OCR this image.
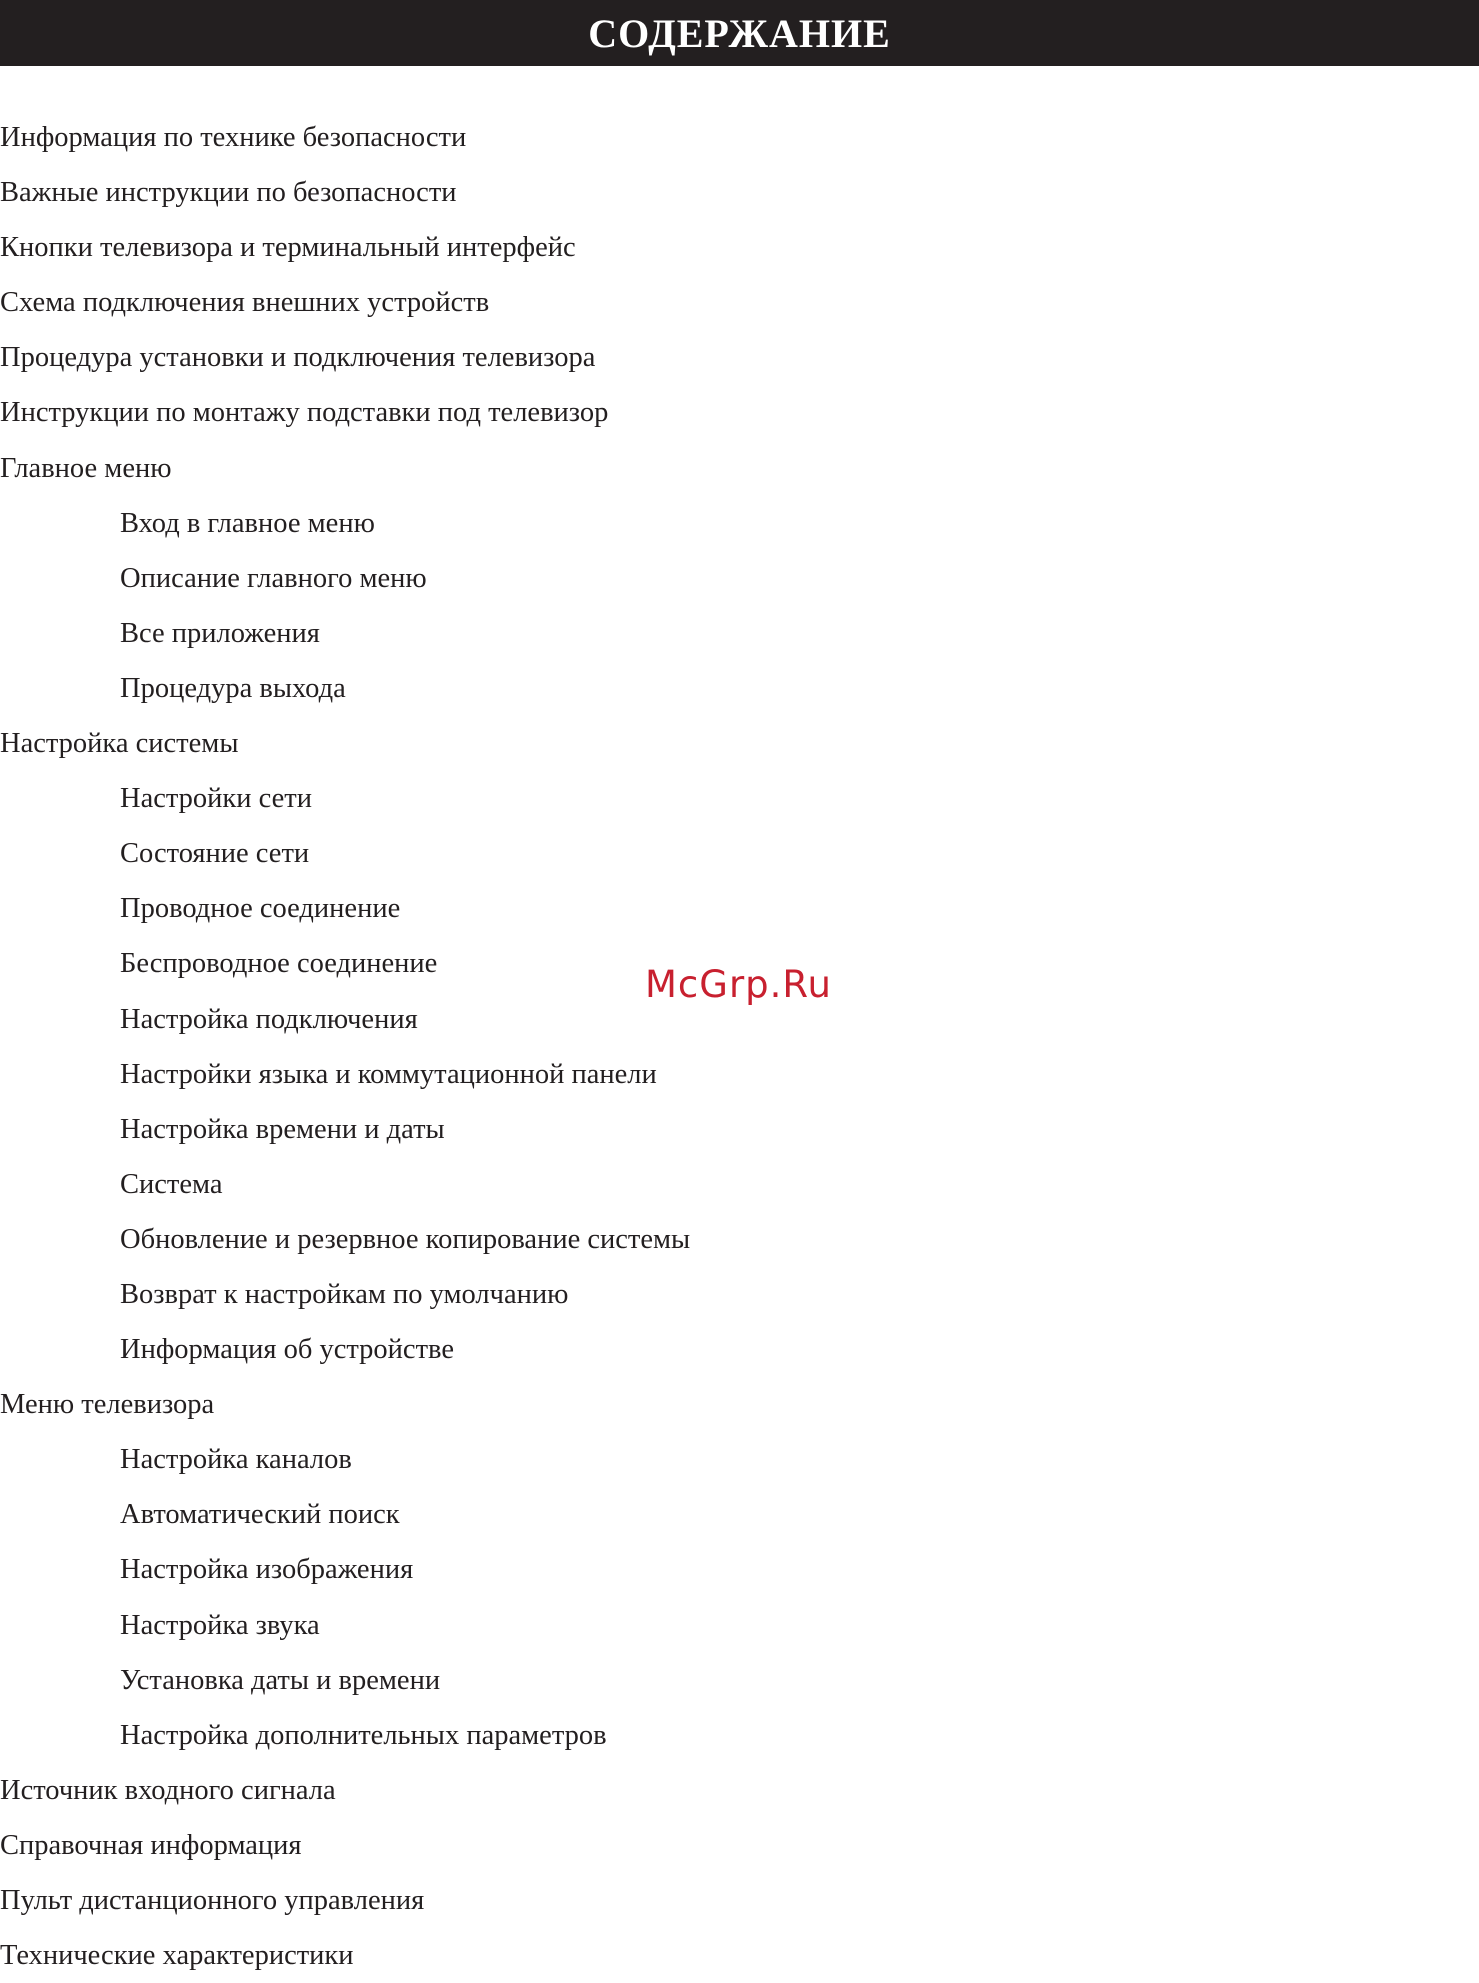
СОДЕРЖАНИЕ
Информация по технике безопасности
Важные инструкции по безопасности
Кнопки телевизора и терминальный интерфейс
Схема подключения внешних устройств
Процедура установки и подключения телевизора
Инструкции по монтажу подставки под телевизор
Главное меню
Вход в главное меню
Описание главного меню
Все приложения
Процедура выхода
Настройка системы
Настройки сети
Состояние сети
Проводное соединение
Беспроводное соединение
Настройка подключения
Настройки языка и коммутационной панели
Настройка времени и даты
Система
Обновление и резервное копирование системы
Возврат к настройкам по умолчанию
Информация об устройстве
Меню телевизора
Настройка каналов
Автоматический поиск
Настройка изображения
Настройка звука
Установка даты и времени
Настройка дополнительных параметров
Источник входного сигнала
Справочная информация
Пульт дистанционного управления
Технические характеристики
McGrp.Ru
